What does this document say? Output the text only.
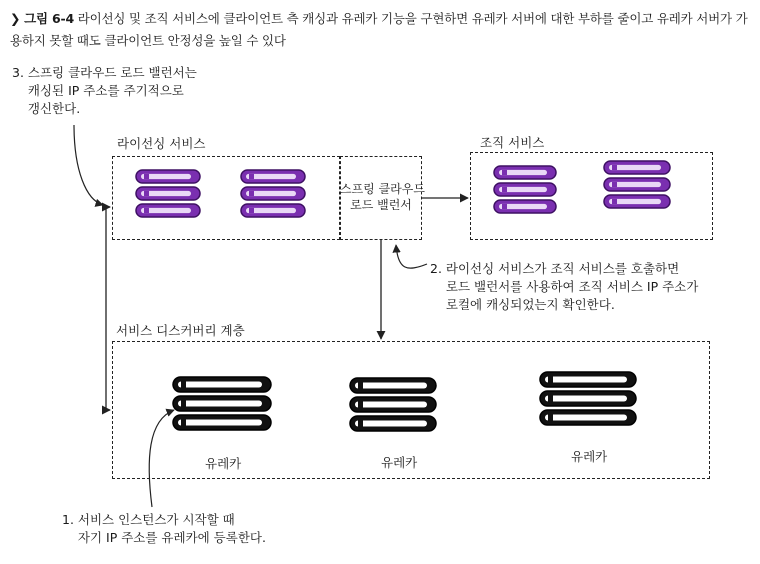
❯ 그림 6-4 라이선싱 및 조직 서비스에 클라이언트 측 캐싱과 유레카 기능을 구현하면 유레카 서버에 대한 부하를 줄이고 유레카 서버가 가용하지 못할 때도 클라이언트 안정성을 높일 수 있다
3. 스프링 클라우드 로드 밸런서는
캐싱된 IP 주소를 주기적으로
갱신한다.
2. 라이선싱 서비스가 조직 서비스를 호출하면
로드 밸런서를 사용하여 조직 서비스 IP 주소가
로컬에 캐싱되었는지 확인한다.
1. 서비스 인스턴스가 시작할 때
자기 IP 주소를 유레카에 등록한다.
라이선싱 서비스	조직 서비스
서비스 디스커버리 계층
스프링 클라우드
로드 밸런서
유레카	유레카	유레카
